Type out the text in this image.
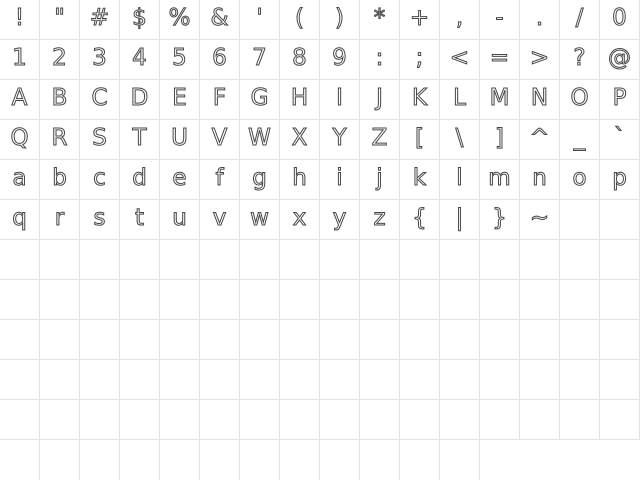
! " # $ % & ' ( ) * + , - . / 0
1 2 3 4 5 6 7 8 9 : ; < = > ? @
A B C D E F G H I J K L M N O P
Q R S T U V W X Y Z [ \ ] ^ _ `
a b c d e f g h i j k l m n o p
q r s t u v w x y z { | } ~
